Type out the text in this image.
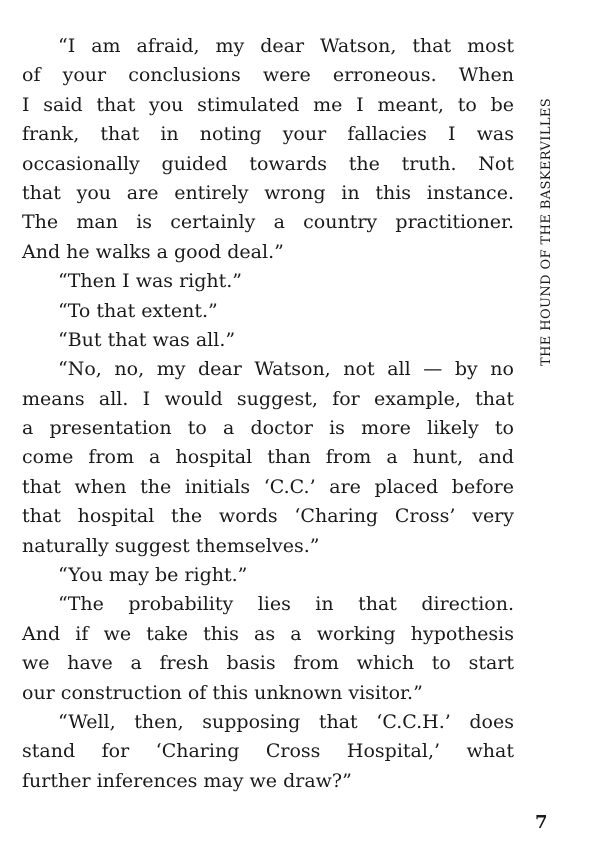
“I am afraid, my dear Watson, that most
of your conclusions were erroneous. When
I said that you stimulated me I meant, to be
frank, that in noting your fallacies I was
occasionally guided towards the truth. Not
that you are entirely wrong in this instance.
The man is certainly a country practitioner.
And he walks a good deal.”
“Then I was right.”
“To that extent.”
“But that was all.”
“No, no, my dear Watson, not all — by no
means all. I would suggest, for example, that
a presentation to a doctor is more likely to
come from a hospital than from a hunt, and
that when the initials ‘C.C.’ are placed before
that hospital the words ‘Charing Cross’ very
naturally suggest themselves.”
“You may be right.”
“The probability lies in that direction.
And if we take this as a working hypothesis
we have a fresh basis from which to start
our construction of this unknown visitor.”
“Well, then, supposing that ‘C.C.H.’ does
stand for ‘Charing Cross Hospital,’ what
further inferences may we draw?”
THE HOUND OF THE BASKERVILLES
7
